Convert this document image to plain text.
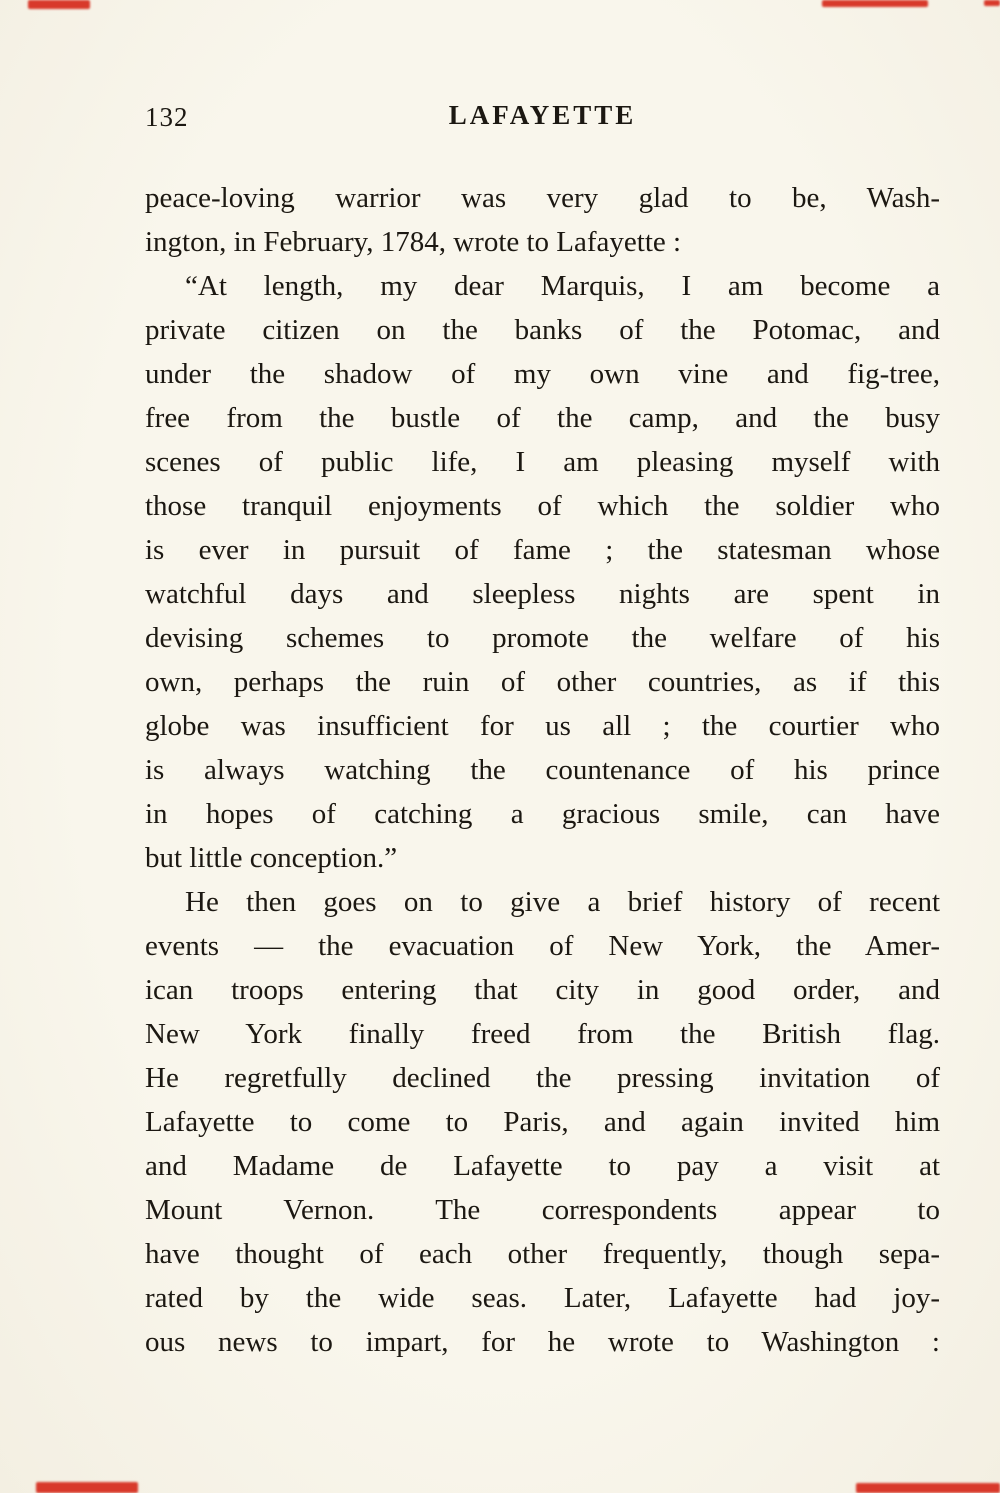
132	LAFAYETTE
peace-loving warrior was very glad to be, Wash-
ington, in February, 1784, wrote to Lafayette :
“At length, my dear Marquis, I am become a
private citizen on the banks of the Potomac, and
under the shadow of my own vine and fig-tree,
free from the bustle of the camp, and the busy
scenes of public life, I am pleasing myself with
those tranquil enjoyments of which the soldier who
is ever in pursuit of fame ; the statesman whose
watchful days and sleepless nights are spent in
devising schemes to promote the welfare of his
own, perhaps the ruin of other countries, as if this
globe was insufficient for us all ; the courtier who
is always watching the countenance of his prince
in hopes of catching a gracious smile, can have
but little conception.”
He then goes on to give a brief history of recent
events — the evacuation of New York, the Amer-
ican troops entering that city in good order, and
New York finally freed from the British flag.
He regretfully declined the pressing invitation of
Lafayette to come to Paris, and again invited him
and Madame de Lafayette to pay a visit at
Mount Vernon. The correspondents appear to
have thought of each other frequently, though sepa-
rated by the wide seas. Later, Lafayette had joy-
ous news to impart, for he wrote to Washington :
